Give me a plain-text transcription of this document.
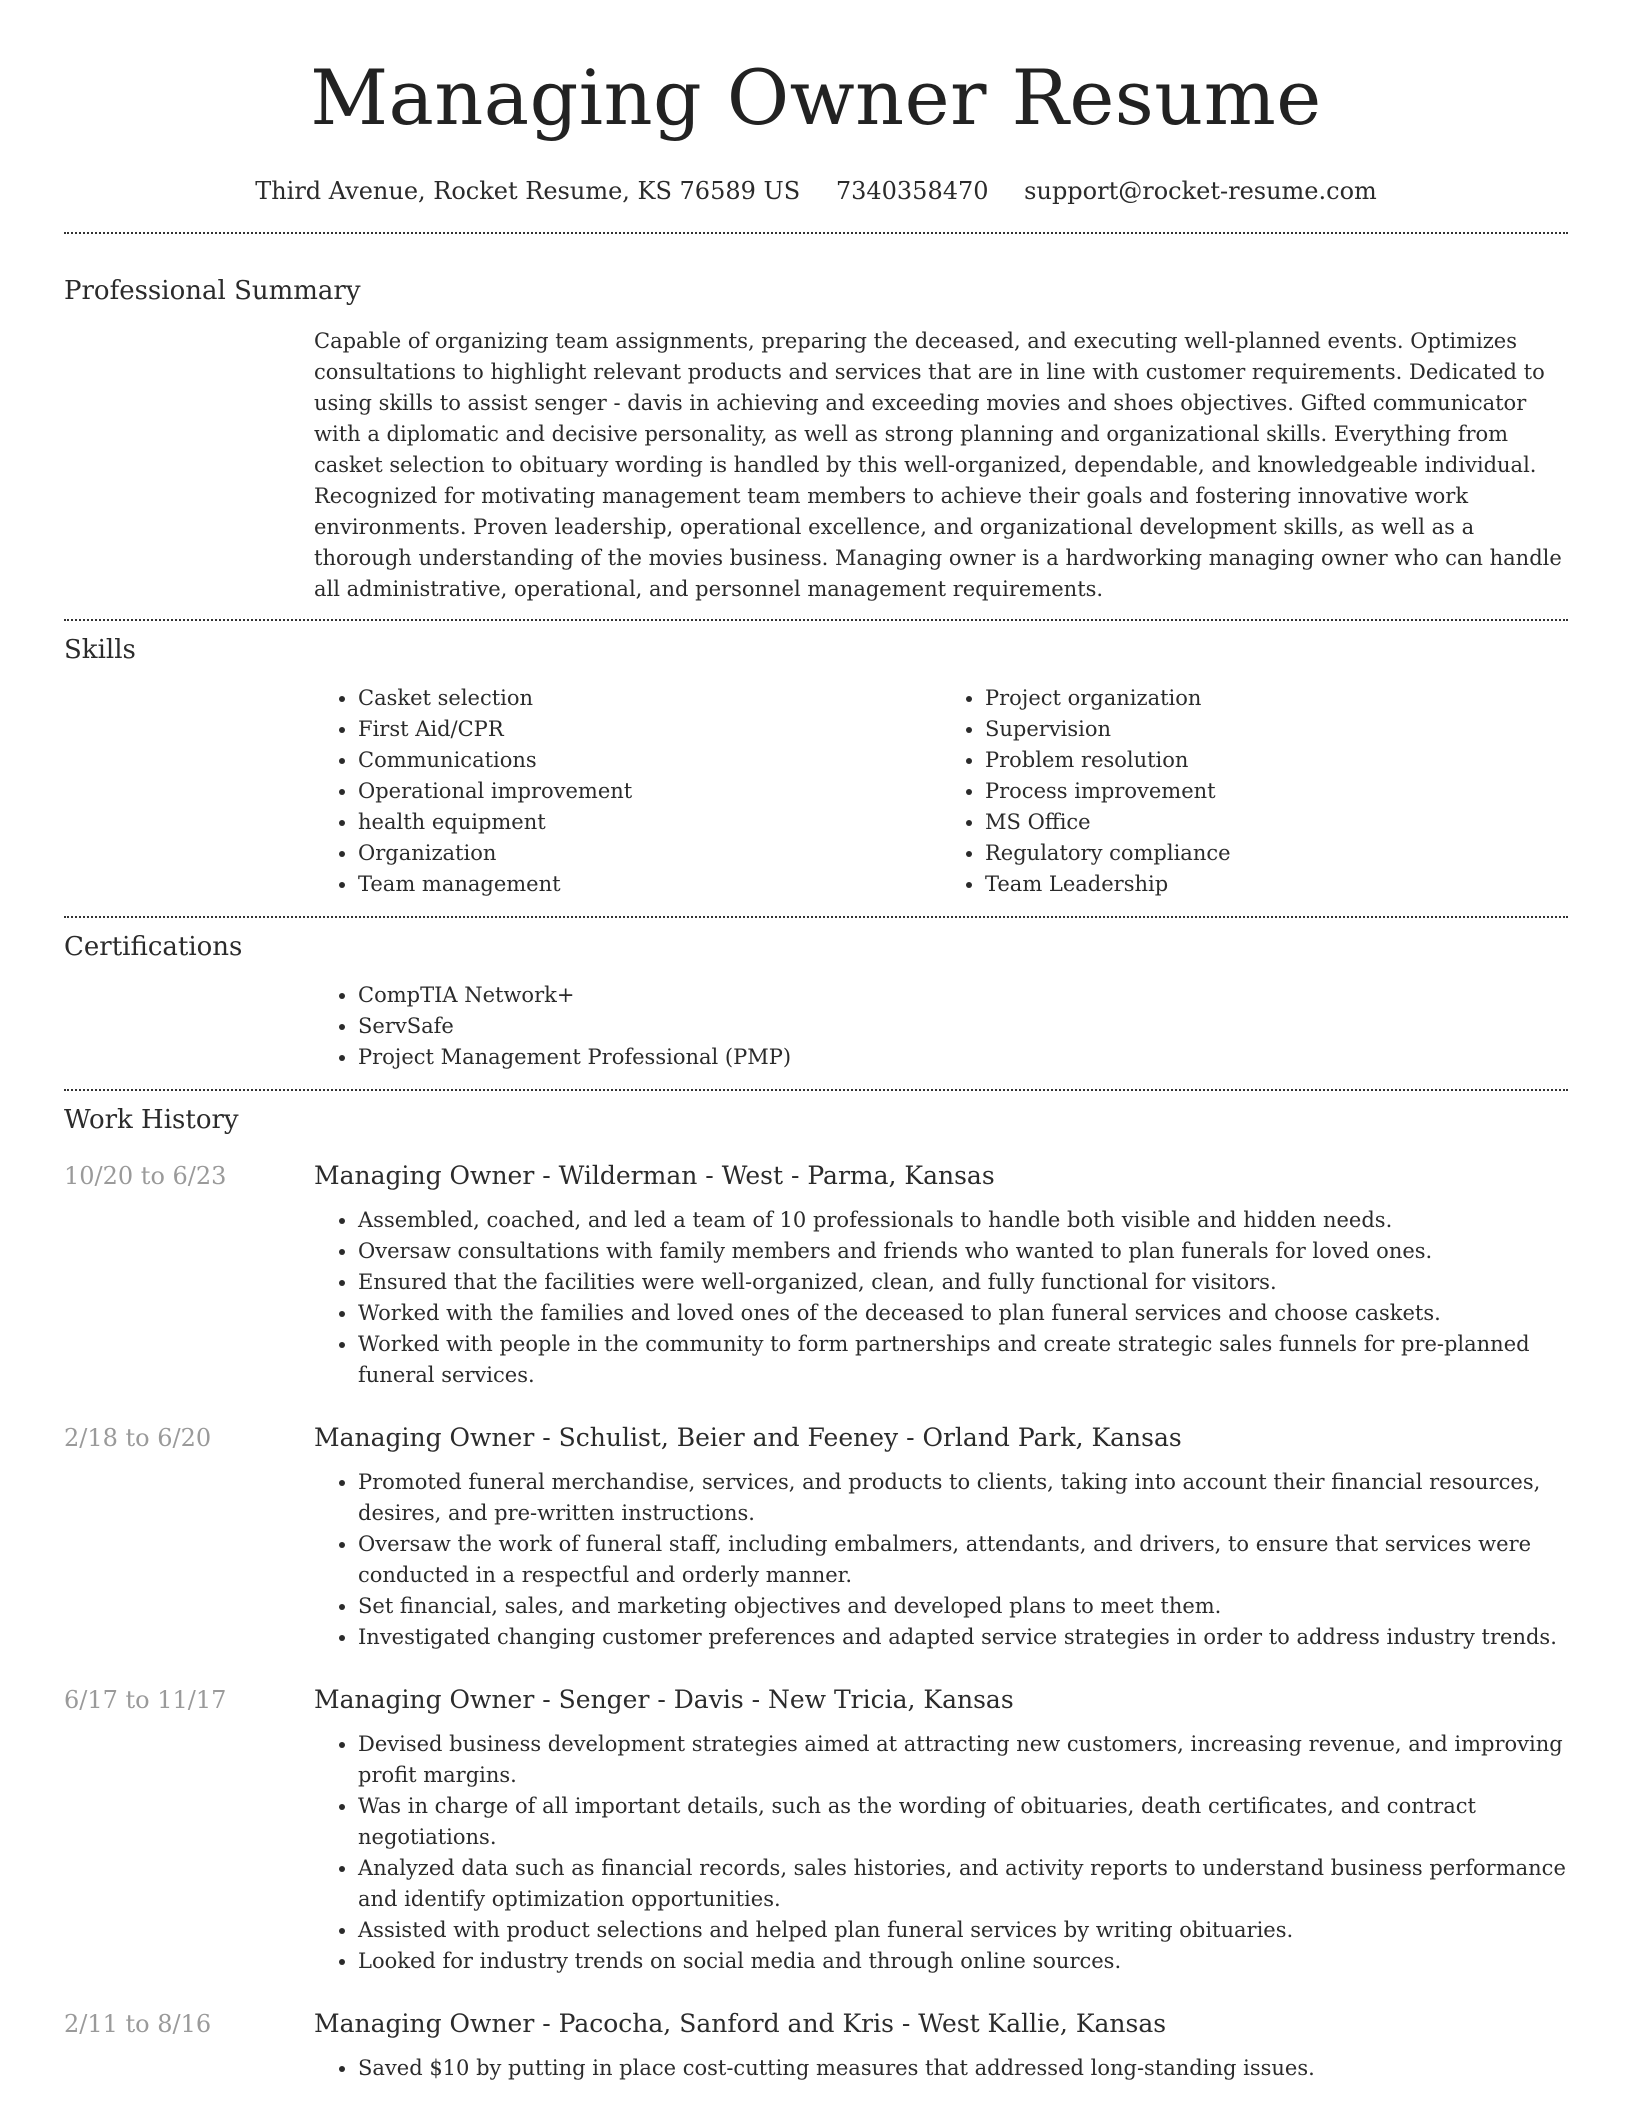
Managing Owner Resume
Third Avenue, Rocket Resume, KS 76589 US 7340358470 support@rocket-resume.com
Professional Summary

Capable of organizing team assignments, preparing the deceased, and executing well-planned events. Optimizes consultations to highlight relevant products and services that are in line with customer requirements. Dedicated to using skills to assist senger - davis in achieving and exceeding movies and shoes objectives. Gifted communicator with a diplomatic and decisive personality, as well as strong planning and organizational skills. Everything from casket selection to obituary wording is handled by this well-organized, dependable, and knowledgeable individual. Recognized for motivating management team members to achieve their goals and fostering innovative work environments. Proven leadership, operational excellence, and organizational development skills, as well as a thorough understanding of the movies business. Managing owner is a hardworking managing owner who can handle all administrative, operational, and personnel management requirements.

Skills
• Casket selection
• First Aid/CPR
• Communications
• Operational improvement
• health equipment
• Organization
• Team management
• Project organization
• Supervision
• Problem resolution
• Process improvement
• MS Office
• Regulatory compliance
• Team Leadership
Certifications
• CompTIA Network+
• ServSafe
• Project Management Professional (PMP)
Work History
10/20 to 6/23	Managing Owner - Wilderman - West - Parma, Kansas
• Assembled, coached, and led a team of 10 professionals to handle both visible and hidden needs.
• Oversaw consultations with family members and friends who wanted to plan funerals for loved ones.
• Ensured that the facilities were well-organized, clean, and fully functional for visitors.
• Worked with the families and loved ones of the deceased to plan funeral services and choose caskets.
• Worked with people in the community to form partnerships and create strategic sales funnels for pre-planned funeral services.
2/18 to 6/20	Managing Owner - Schulist, Beier and Feeney - Orland Park, Kansas
• Promoted funeral merchandise, services, and products to clients, taking into account their financial resources, desires, and pre-written instructions.
• Oversaw the work of funeral staff, including embalmers, attendants, and drivers, to ensure that services were conducted in a respectful and orderly manner.
• Set financial, sales, and marketing objectives and developed plans to meet them.
• Investigated changing customer preferences and adapted service strategies in order to address industry trends.
6/17 to 11/17	Managing Owner - Senger - Davis - New Tricia, Kansas
• Devised business development strategies aimed at attracting new customers, increasing revenue, and improving profit margins.
• Was in charge of all important details, such as the wording of obituaries, death certificates, and contract negotiations.
• Analyzed data such as financial records, sales histories, and activity reports to understand business performance and identify optimization opportunities.
• Assisted with product selections and helped plan funeral services by writing obituaries.
• Looked for industry trends on social media and through online sources.
2/11 to 8/16	Managing Owner - Pacocha, Sanford and Kris - West Kallie, Kansas
• Saved $10 by putting in place cost-cutting measures that addressed long-standing issues.
